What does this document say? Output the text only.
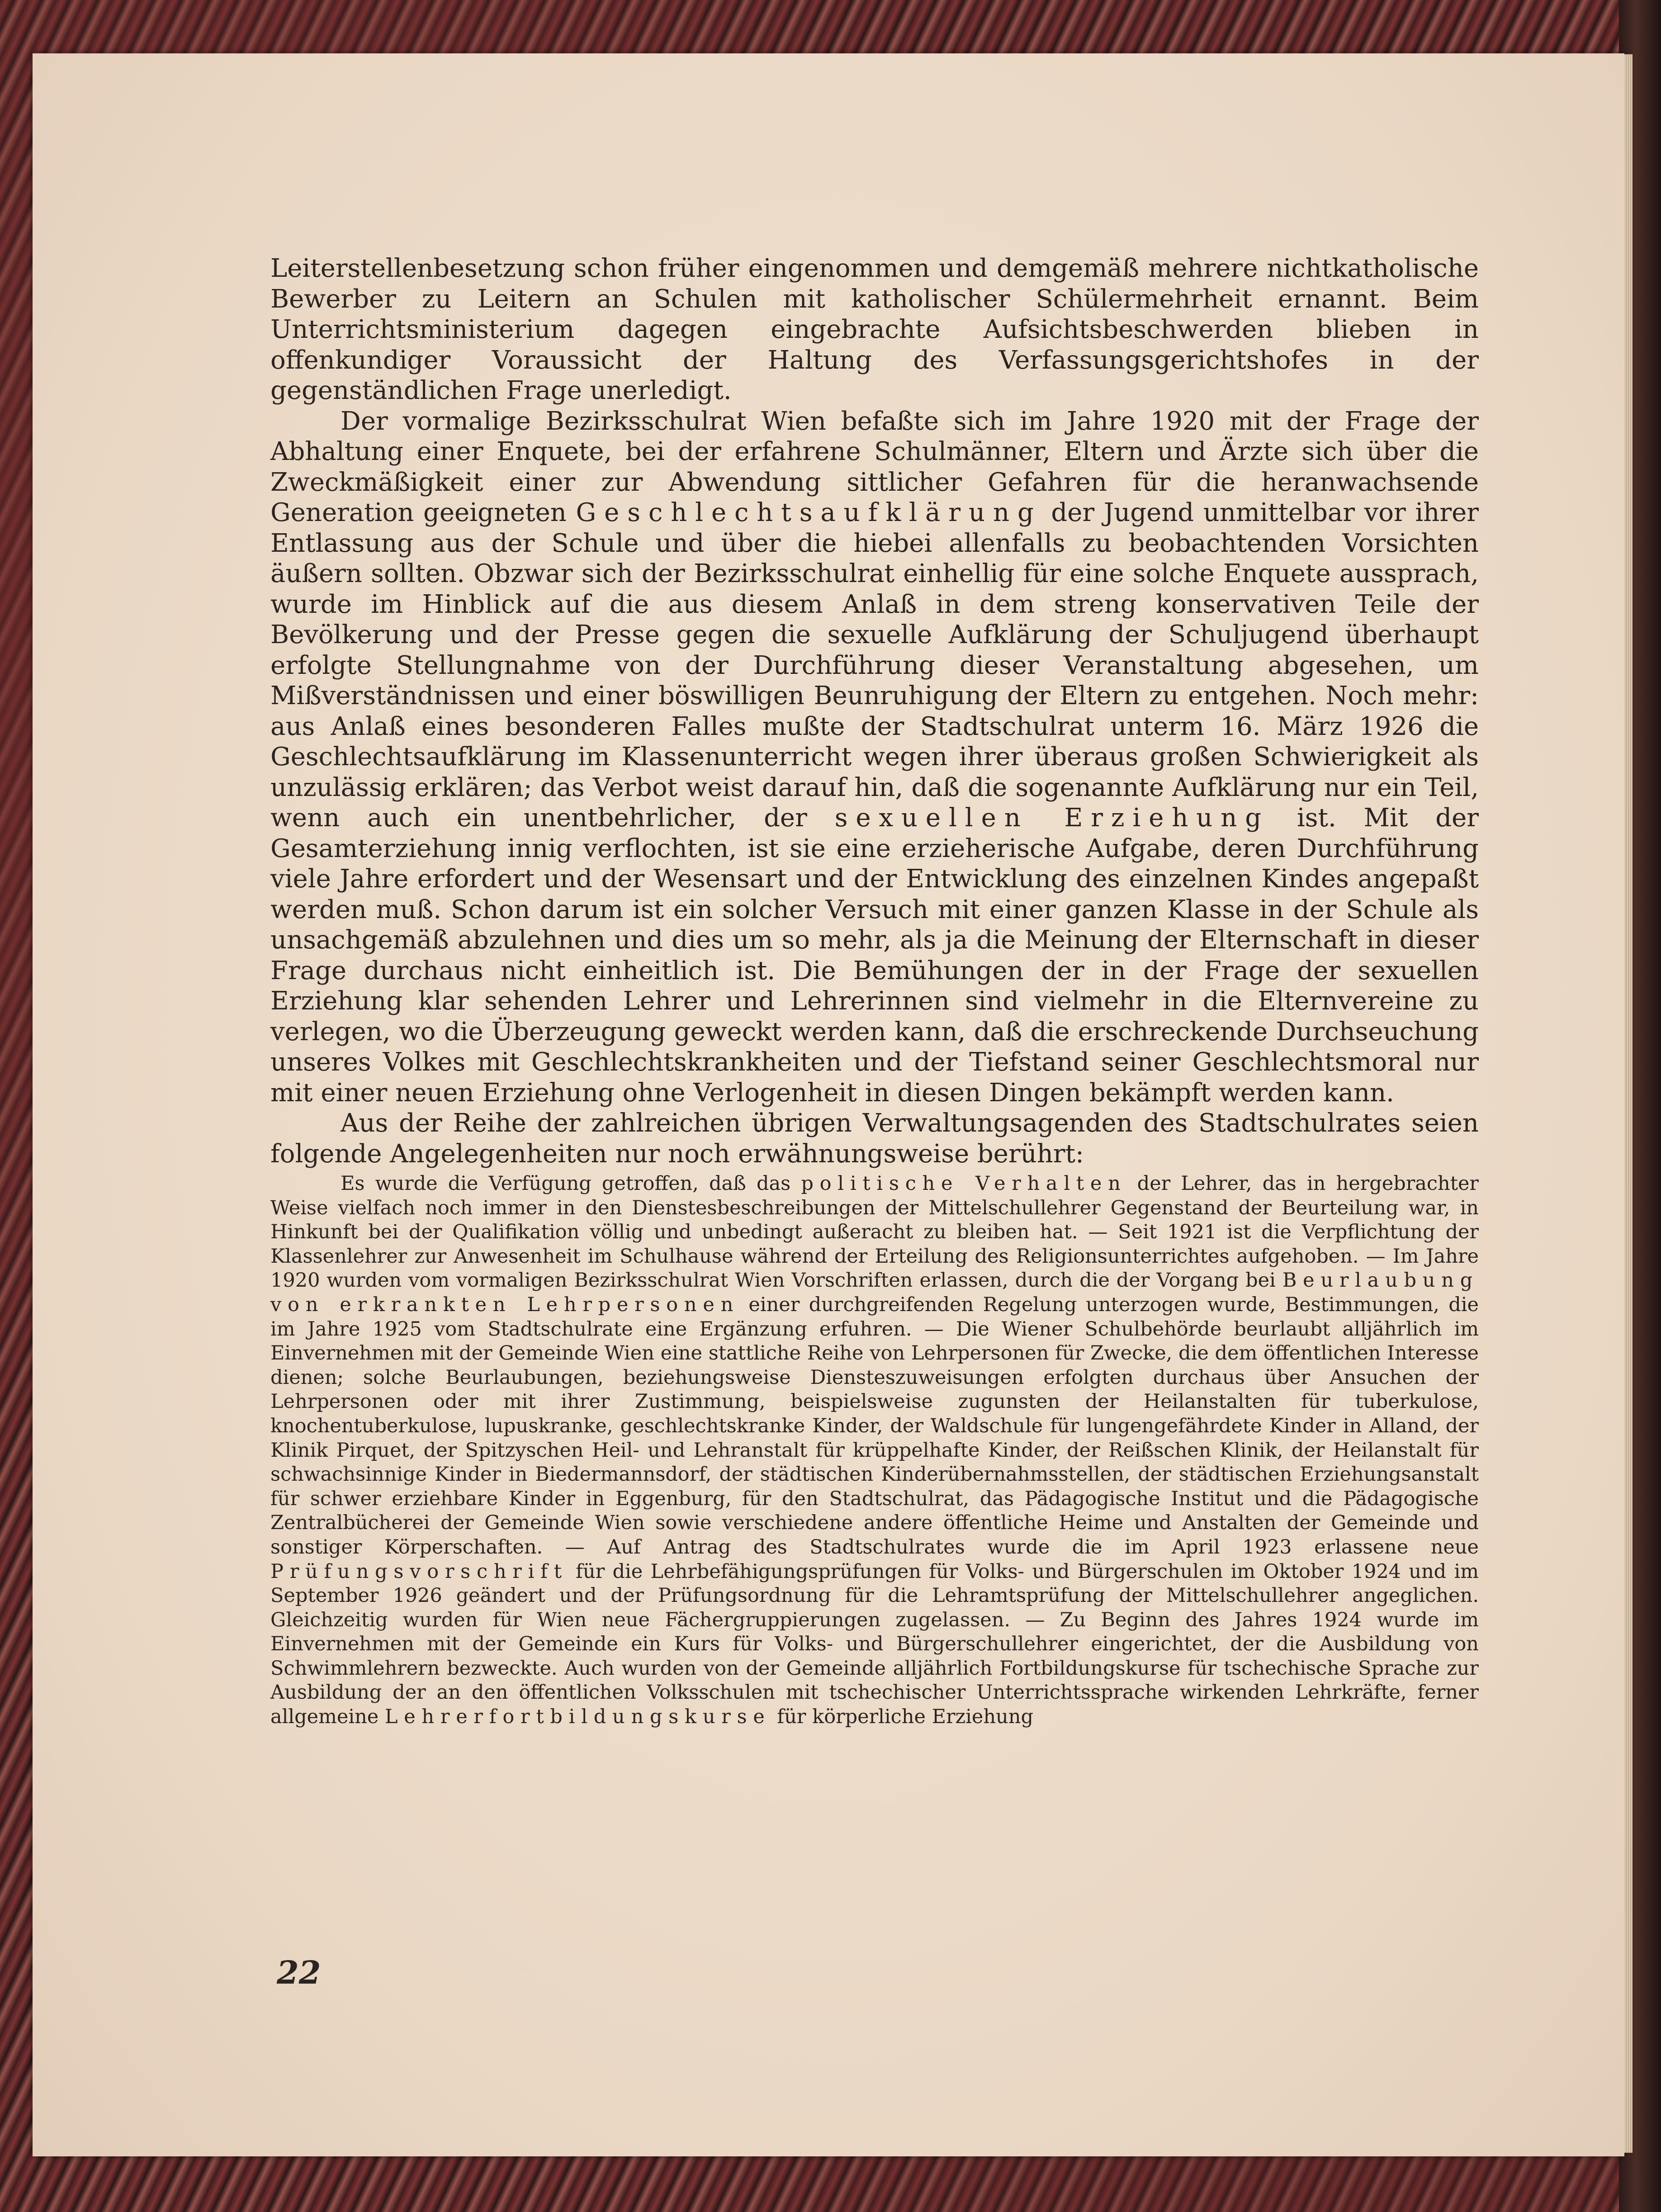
Leiterstellenbesetzung schon früher eingenommen und demgemäß mehrere nichtkatholische Bewerber zu Leitern an Schulen mit katholischer Schülermehrheit ernannt. Beim Unterrichtsministerium dagegen eingebrachte Aufsichtsbeschwerden blieben in offenkundiger Voraussicht der Haltung des Verfassungsgerichtshofes in der gegenständlichen Frage unerledigt.

Der vormalige Bezirksschulrat Wien befaßte sich im Jahre 1920 mit der Frage der Abhaltung einer Enquete, bei der erfahrene Schulmänner, Eltern und Ärzte sich über die Zweckmäßigkeit einer zur Abwendung sittlicher Gefahren für die heranwachsende Generation geeigneten Geschlechtsaufklärung der Jugend unmittelbar vor ihrer Entlassung aus der Schule und über die hiebei allenfalls zu beobachtenden Vorsichten äußern sollten. Obzwar sich der Bezirksschulrat einhellig für eine solche Enquete aussprach, wurde im Hinblick auf die aus diesem Anlaß in dem streng konservativen Teile der Bevölkerung und der Presse gegen die sexuelle Aufklärung der Schuljugend überhaupt erfolgte Stellungnahme von der Durchführung dieser Veranstaltung abgesehen, um Mißverständnissen und einer böswilligen Beunruhigung der Eltern zu entgehen. Noch mehr: aus Anlaß eines besonderen Falles mußte der Stadtschulrat unterm 16. März 1926 die Geschlechtsaufklärung im Klassenunterricht wegen ihrer überaus großen Schwierigkeit als unzulässig erklären; das Verbot weist darauf hin, daß die sogenannte Aufklärung nur ein Teil, wenn auch ein unentbehrlicher, der sexuellen Erziehung ist. Mit der Gesamterziehung innig verflochten, ist sie eine erzieherische Aufgabe, deren Durchführung viele Jahre erfordert und der Wesensart und der Entwicklung des einzelnen Kindes angepaßt werden muß. Schon darum ist ein solcher Versuch mit einer ganzen Klasse in der Schule als unsachgemäß abzulehnen und dies um so mehr, als ja die Meinung der Elternschaft in dieser Frage durchaus nicht einheitlich ist. Die Bemühungen der in der Frage der sexuellen Erziehung klar sehenden Lehrer und Lehrerinnen sind vielmehr in die Elternvereine zu verlegen, wo die Überzeugung geweckt werden kann, daß die erschreckende Durchseuchung unseres Volkes mit Geschlechtskrankheiten und der Tiefstand seiner Geschlechtsmoral nur mit einer neuen Erziehung ohne Verlogenheit in diesen Dingen bekämpft werden kann.

Aus der Reihe der zahlreichen übrigen Verwaltungsagenden des Stadtschulrates seien folgende Angelegenheiten nur noch erwähnungsweise berührt:

Es wurde die Verfügung getroffen, daß das politische Verhalten der Lehrer, das in hergebrachter Weise vielfach noch immer in den Dienstesbeschreibungen der Mittelschullehrer Gegenstand der Beurteilung war, in Hinkunft bei der Qualifikation völlig und unbedingt außeracht zu bleiben hat. — Seit 1921 ist die Verpflichtung der Klassenlehrer zur Anwesenheit im Schulhause während der Erteilung des Religionsunterrichtes aufgehoben. — Im Jahre 1920 wurden vom vormaligen Bezirksschulrat Wien Vorschriften erlassen, durch die der Vorgang bei Beurlaubung von erkrankten Lehrpersonen einer durchgreifenden Regelung unterzogen wurde, Bestimmungen, die im Jahre 1925 vom Stadtschulrate eine Ergänzung erfuhren. — Die Wiener Schulbehörde beurlaubt alljährlich im Einvernehmen mit der Gemeinde Wien eine stattliche Reihe von Lehrpersonen für Zwecke, die dem öffentlichen Interesse dienen; solche Beurlaubungen, beziehungsweise Diensteszuweisungen erfolgten durchaus über Ansuchen der Lehrpersonen oder mit ihrer Zustimmung, beispielsweise zugunsten der Heilanstalten für tuberkulose, knochentuberkulose, lupuskranke, geschlechtskranke Kinder, der Waldschule für lungengefährdete Kinder in Alland, der Klinik Pirquet, der Spitzyschen Heil- und Lehranstalt für krüppelhafte Kinder, der Reißschen Klinik, der Heilanstalt für schwachsinnige Kinder in Biedermannsdorf, der städtischen Kinderübernahmsstellen, der städtischen Erziehungsanstalt für schwer erziehbare Kinder in Eggenburg, für den Stadtschulrat, das Pädagogische Institut und die Pädagogische Zentralbücherei der Gemeinde Wien sowie verschiedene andere öffentliche Heime und Anstalten der Gemeinde und sonstiger Körperschaften. — Auf Antrag des Stadtschulrates wurde die im April 1923 erlassene neue Prüfungsvorschrift für die Lehrbefähigungsprüfungen für Volks- und Bürgerschulen im Oktober 1924 und im September 1926 geändert und der Prüfungsordnung für die Lehramtsprüfung der Mittelschullehrer angeglichen. Gleichzeitig wurden für Wien neue Fächergruppierungen zugelassen. — Zu Beginn des Jahres 1924 wurde im Einvernehmen mit der Gemeinde ein Kurs für Volks- und Bürgerschullehrer eingerichtet, der die Ausbildung von Schwimmlehrern bezweckte. Auch wurden von der Gemeinde alljährlich Fortbildungskurse für tschechische Sprache zur Ausbildung der an den öffentlichen Volksschulen mit tschechischer Unterrichtssprache wirkenden Lehrkräfte, ferner allgemeine Lehrerfortbildungskurse für körperliche Erziehung

22
